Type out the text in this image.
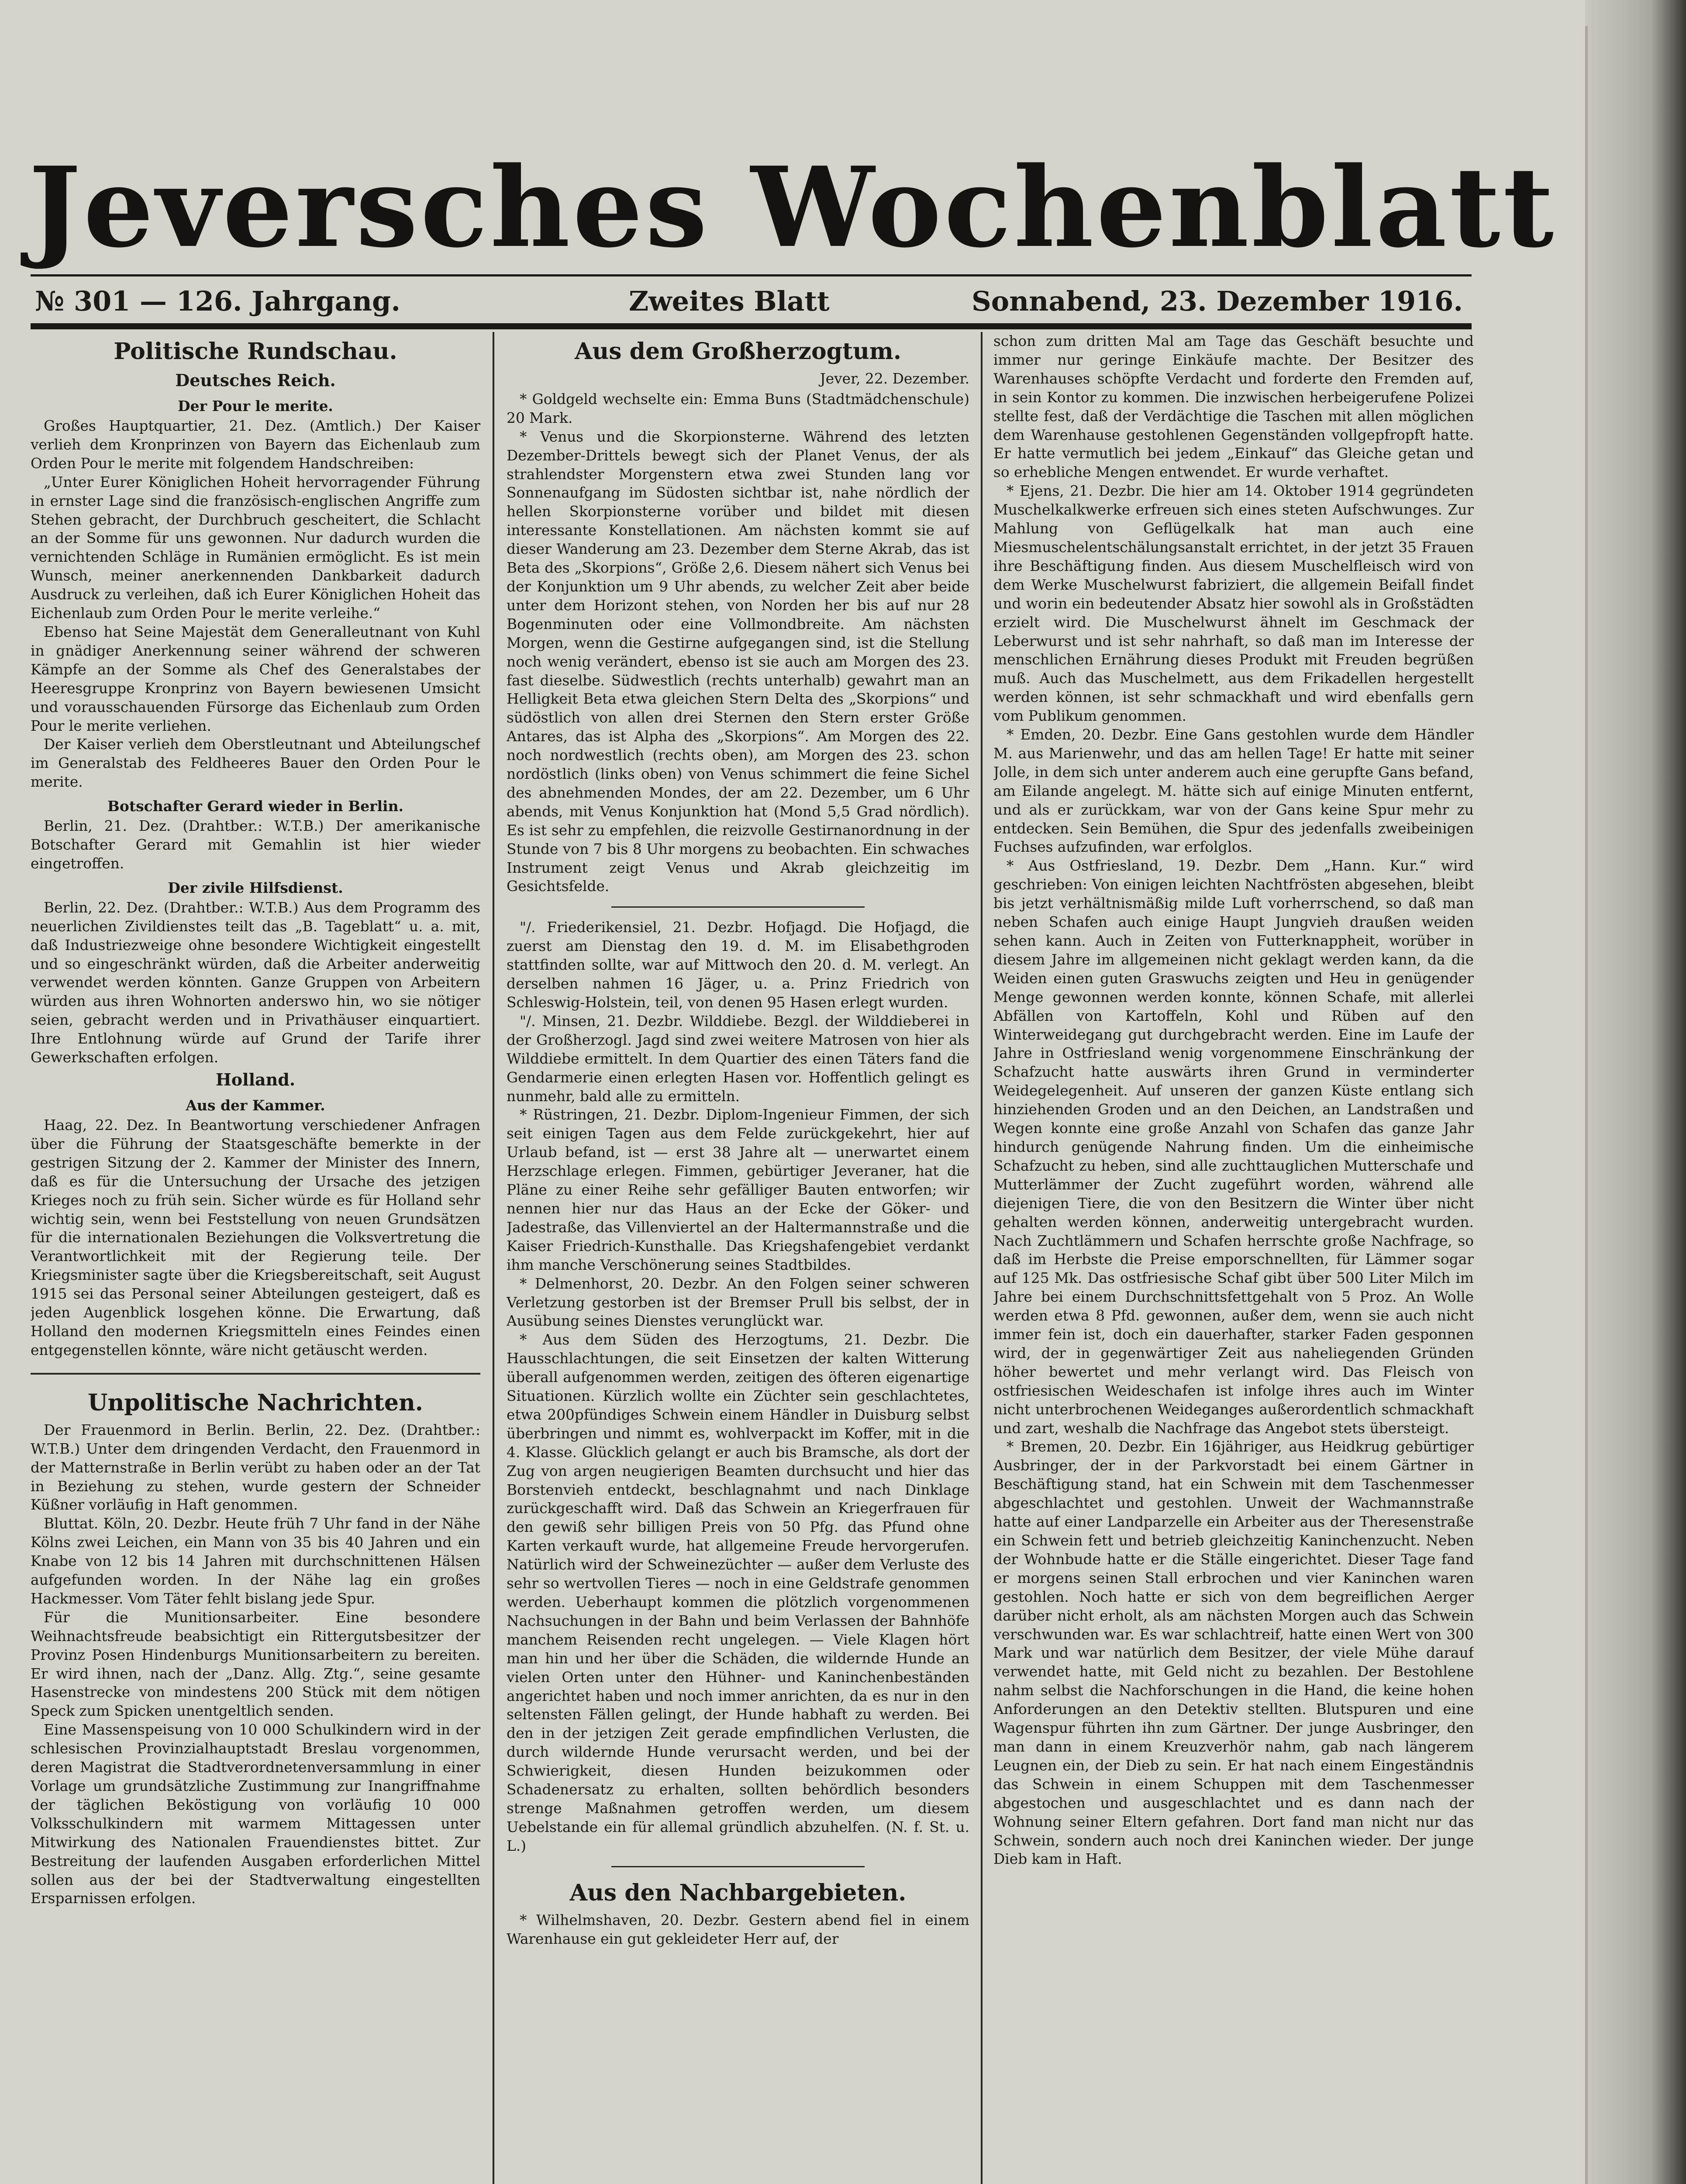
Jeversches Wochenblatt
№ 301 — 126. Jahrgang.	Zweites Blatt	Sonnabend, 23. Dezember 1916.
Politische Rundschau.
Deutsches Reich.
Der Pour le merite.

Großes Hauptquartier, 21. Dez. (Amtlich.) Der Kaiser verlieh dem Kronprinzen von Bayern das Eichenlaub zum Orden Pour le merite mit folgendem Handschreiben:

„Unter Eurer Königlichen Hoheit hervorragender Führung in ernster Lage sind die französisch-englischen Angriffe zum Stehen gebracht, der Durchbruch gescheitert, die Schlacht an der Somme für uns gewonnen. Nur dadurch wurden die vernichtenden Schläge in Rumänien ermöglicht. Es ist mein Wunsch, meiner anerkennenden Dankbarkeit dadurch Ausdruck zu verleihen, daß ich Eurer Königlichen Hoheit das Eichenlaub zum Orden Pour le merite verleihe.“

Ebenso hat Seine Majestät dem Generalleutnant von Kuhl in gnädiger Anerkennung seiner während der schweren Kämpfe an der Somme als Chef des Generalstabes der Heeresgruppe Kronprinz von Bayern bewiesenen Umsicht und vorausschauenden Fürsorge das Eichenlaub zum Orden Pour le merite verliehen.

Der Kaiser verlieh dem Oberstleutnant und Abteilungschef im Generalstab des Feldheeres Bauer den Orden Pour le merite.

Botschafter Gerard wieder in Berlin.

Berlin, 21. Dez. (Drahtber.: W.T.B.) Der amerikanische Botschafter Gerard mit Gemahlin ist hier wieder eingetroffen.

Der zivile Hilfsdienst.

Berlin, 22. Dez. (Drahtber.: W.T.B.) Aus dem Programm des neuerlichen Zivildienstes teilt das „B. Tageblatt“ u. a. mit, daß Industriezweige ohne besondere Wichtigkeit eingestellt und so eingeschränkt würden, daß die Arbeiter anderweitig verwendet werden könnten. Ganze Gruppen von Arbeitern würden aus ihren Wohnorten anderswo hin, wo sie nötiger seien, gebracht werden und in Privathäuser einquartiert. Ihre Entlohnung würde auf Grund der Tarife ihrer Gewerkschaften erfolgen.

Holland.
Aus der Kammer.

Haag, 22. Dez. In Beantwortung verschiedener Anfragen über die Führung der Staatsgeschäfte bemerkte in der gestrigen Sitzung der 2. Kammer der Minister des Innern, daß es für die Untersuchung der Ursache des jetzigen Krieges noch zu früh sein. Sicher würde es für Holland sehr wichtig sein, wenn bei Feststellung von neuen Grundsätzen für die internationalen Beziehungen die Volksvertretung die Verantwortlichkeit mit der Regierung teile. Der Kriegsminister sagte über die Kriegsbereitschaft, seit August 1915 sei das Personal seiner Abteilungen gesteigert, daß es jeden Augenblick losgehen könne. Die Erwartung, daß Holland den modernen Kriegsmitteln eines Feindes einen entgegenstellen könnte, wäre nicht getäuscht werden.

Unpolitische Nachrichten.

Der Frauenmord in Berlin. Berlin, 22. Dez. (Drahtber.: W.T.B.) Unter dem dringenden Verdacht, den Frauenmord in der Matternstraße in Berlin verübt zu haben oder an der Tat in Beziehung zu stehen, wurde gestern der Schneider Küßner vorläufig in Haft genommen.

Bluttat. Köln, 20. Dezbr. Heute früh 7 Uhr fand in der Nähe Kölns zwei Leichen, ein Mann von 35 bis 40 Jahren und ein Knabe von 12 bis 14 Jahren mit durchschnittenen Hälsen aufgefunden worden. In der Nähe lag ein großes Hackmesser. Vom Täter fehlt bislang jede Spur.

Für die Munitionsarbeiter. Eine besondere Weihnachtsfreude beabsichtigt ein Rittergutsbesitzer der Provinz Posen Hindenburgs Munitionsarbeitern zu bereiten. Er wird ihnen, nach der „Danz. Allg. Ztg.“, seine gesamte Hasenstrecke von mindestens 200 Stück mit dem nötigen Speck zum Spicken unentgeltlich senden.

Eine Massenspeisung von 10 000 Schulkindern wird in der schlesischen Provinzialhauptstadt Breslau vorgenommen, deren Magistrat die Stadtverordnetenversammlung in einer Vorlage um grundsätzliche Zustimmung zur Inangriffnahme der täglichen Beköstigung von vorläufig 10 000 Volksschulkindern mit warmem Mittagessen unter Mitwirkung des Nationalen Frauendienstes bittet. Zur Bestreitung der laufenden Ausgaben erforderlichen Mittel sollen aus der bei der Stadtverwaltung eingestellten Ersparnissen erfolgen.

Aus dem Großherzogtum.
Jever, 22. Dezember.

* Goldgeld wechselte ein: Emma Buns (Stadtmädchenschule) 20 Mark.

* Venus und die Skorpionsterne. Während des letzten Dezember-Drittels bewegt sich der Planet Venus, der als strahlendster Morgenstern etwa zwei Stunden lang vor Sonnenaufgang im Südosten sichtbar ist, nahe nördlich der hellen Skorpionsterne vorüber und bildet mit diesen interessante Konstellationen. Am nächsten kommt sie auf dieser Wanderung am 23. Dezember dem Sterne Akrab, das ist Beta des „Skorpions“, Größe 2,6. Diesem nähert sich Venus bei der Konjunktion um 9 Uhr abends, zu welcher Zeit aber beide unter dem Horizont stehen, von Norden her bis auf nur 28 Bogenminuten oder eine Vollmondbreite. Am nächsten Morgen, wenn die Gestirne aufgegangen sind, ist die Stellung noch wenig verändert, ebenso ist sie auch am Morgen des 23. fast dieselbe. Südwestlich (rechts unterhalb) gewahrt man an Helligkeit Beta etwa gleichen Stern Delta des „Skorpions“ und südöstlich von allen drei Sternen den Stern erster Größe Antares, das ist Alpha des „Skorpions“. Am Morgen des 22. noch nordwestlich (rechts oben), am Morgen des 23. schon nordöstlich (links oben) von Venus schimmert die feine Sichel des abnehmenden Mondes, der am 22. Dezember, um 6 Uhr abends, mit Venus Konjunktion hat (Mond 5,5 Grad nördlich). Es ist sehr zu empfehlen, die reizvolle Gestirnanordnung in der Stunde von 7 bis 8 Uhr morgens zu beobachten. Ein schwaches Instrument zeigt Venus und Akrab gleichzeitig im Gesichtsfelde.

"/. Friederikensiel, 21. Dezbr. Hofjagd. Die Hofjagd, die zuerst am Dienstag den 19. d. M. im Elisabethgroden stattfinden sollte, war auf Mittwoch den 20. d. M. verlegt. An derselben nahmen 16 Jäger, u. a. Prinz Friedrich von Schleswig-Holstein, teil, von denen 95 Hasen erlegt wurden.

"/. Minsen, 21. Dezbr. Wilddiebe. Bezgl. der Wilddieberei in der Großherzogl. Jagd sind zwei weitere Matrosen von hier als Wilddiebe ermittelt. In dem Quartier des einen Täters fand die Gendarmerie einen erlegten Hasen vor. Hoffentlich gelingt es nunmehr, bald alle zu ermitteln.

* Rüstringen, 21. Dezbr. Diplom-Ingenieur Fimmen, der sich seit einigen Tagen aus dem Felde zurückgekehrt, hier auf Urlaub befand, ist — erst 38 Jahre alt — unerwartet einem Herzschlage erlegen. Fimmen, gebürtiger Jeveraner, hat die Pläne zu einer Reihe sehr gefälliger Bauten entworfen; wir nennen hier nur das Haus an der Ecke der Göker- und Jadestraße, das Villenviertel an der Haltermannstraße und die Kaiser Friedrich-Kunsthalle. Das Kriegshafengebiet verdankt ihm manche Verschönerung seines Stadtbildes.

* Delmenhorst, 20. Dezbr. An den Folgen seiner schweren Verletzung gestorben ist der Bremser Prull bis selbst, der in Ausübung seines Dienstes verunglückt war.

* Aus dem Süden des Herzogtums, 21. Dezbr. Die Hausschlachtungen, die seit Einsetzen der kalten Witterung überall aufgenommen werden, zeitigen des öfteren eigenartige Situationen. Kürzlich wollte ein Züchter sein geschlachtetes, etwa 200pfündiges Schwein einem Händler in Duisburg selbst überbringen und nimmt es, wohlverpackt im Koffer, mit in die 4. Klasse. Glücklich gelangt er auch bis Bramsche, als dort der Zug von argen neugierigen Beamten durchsucht und hier das Borstenvieh entdeckt, beschlagnahmt und nach Dinklage zurückgeschafft wird. Daß das Schwein an Kriegerfrauen für den gewiß sehr billigen Preis von 50 Pfg. das Pfund ohne Karten verkauft wurde, hat allgemeine Freude hervorgerufen. Natürlich wird der Schweinezüchter — außer dem Verluste des sehr so wertvollen Tieres — noch in eine Geldstrafe genommen werden. Ueberhaupt kommen die plötzlich vorgenommenen Nachsuchungen in der Bahn und beim Verlassen der Bahnhöfe manchem Reisenden recht ungelegen. — Viele Klagen hört man hin und her über die Schäden, die wildernde Hunde an vielen Orten unter den Hühner- und Kaninchenbeständen angerichtet haben und noch immer anrichten, da es nur in den seltensten Fällen gelingt, der Hunde habhaft zu werden. Bei den in der jetzigen Zeit gerade empfindlichen Verlusten, die durch wildernde Hunde verursacht werden, und bei der Schwierigkeit, diesen Hunden beizukommen oder Schadenersatz zu erhalten, sollten behördlich besonders strenge Maßnahmen getroffen werden, um diesem Uebelstande ein für allemal gründlich abzuhelfen. (N. f. St. u. L.)

Aus den Nachbargebieten.

* Wilhelmshaven, 20. Dezbr. Gestern abend fiel in einem Warenhause ein gut gekleideter Herr auf, der

schon zum dritten Mal am Tage das Geschäft besuchte und immer nur geringe Einkäufe machte. Der Besitzer des Warenhauses schöpfte Verdacht und forderte den Fremden auf, in sein Kontor zu kommen. Die inzwischen herbeigerufene Polizei stellte fest, daß der Verdächtige die Taschen mit allen möglichen dem Warenhause gestohlenen Gegenständen vollgepfropft hatte. Er hatte vermutlich bei jedem „Einkauf“ das Gleiche getan und so erhebliche Mengen entwendet. Er wurde verhaftet.

* Ejens, 21. Dezbr. Die hier am 14. Oktober 1914 gegründeten Muschelkalkwerke erfreuen sich eines steten Aufschwunges. Zur Mahlung von Geflügelkalk hat man auch eine Miesmuschelentschälungsanstalt errichtet, in der jetzt 35 Frauen ihre Beschäftigung finden. Aus diesem Muschelfleisch wird von dem Werke Muschelwurst fabriziert, die allgemein Beifall findet und worin ein bedeutender Absatz hier sowohl als in Großstädten erzielt wird. Die Muschelwurst ähnelt im Geschmack der Leberwurst und ist sehr nahrhaft, so daß man im Interesse der menschlichen Ernährung dieses Produkt mit Freuden begrüßen muß. Auch das Muschelmett, aus dem Frikadellen hergestellt werden können, ist sehr schmackhaft und wird ebenfalls gern vom Publikum genommen.

* Emden, 20. Dezbr. Eine Gans gestohlen wurde dem Händler M. aus Marienwehr, und das am hellen Tage! Er hatte mit seiner Jolle, in dem sich unter anderem auch eine gerupfte Gans befand, am Eilande angelegt. M. hätte sich auf einige Minuten entfernt, und als er zurückkam, war von der Gans keine Spur mehr zu entdecken. Sein Bemühen, die Spur des jedenfalls zweibeinigen Fuchses aufzufinden, war erfolglos.

* Aus Ostfriesland, 19. Dezbr. Dem „Hann. Kur.“ wird geschrieben: Von einigen leichten Nachtfrösten abgesehen, bleibt bis jetzt verhältnismäßig milde Luft vorherrschend, so daß man neben Schafen auch einige Haupt Jungvieh draußen weiden sehen kann. Auch in Zeiten von Futterknappheit, worüber in diesem Jahre im allgemeinen nicht geklagt werden kann, da die Weiden einen guten Graswuchs zeigten und Heu in genügender Menge gewonnen werden konnte, können Schafe, mit allerlei Abfällen von Kartoffeln, Kohl und Rüben auf den Winterweidegang gut durchgebracht werden. Eine im Laufe der Jahre in Ostfriesland wenig vorgenommene Einschränkung der Schafzucht hatte auswärts ihren Grund in verminderter Weidegelegenheit. Auf unseren der ganzen Küste entlang sich hinziehenden Groden und an den Deichen, an Landstraßen und Wegen konnte eine große Anzahl von Schafen das ganze Jahr hindurch genügende Nahrung finden. Um die einheimische Schafzucht zu heben, sind alle zuchttauglichen Mutterschafe und Mutterlämmer der Zucht zugeführt worden, während alle diejenigen Tiere, die von den Besitzern die Winter über nicht gehalten werden können, anderweitig untergebracht wurden. Nach Zuchtlämmern und Schafen herrschte große Nachfrage, so daß im Herbste die Preise emporschnellten, für Lämmer sogar auf 125 Mk. Das ostfriesische Schaf gibt über 500 Liter Milch im Jahre bei einem Durchschnittsfettgehalt von 5 Proz. An Wolle werden etwa 8 Pfd. gewonnen, außer dem, wenn sie auch nicht immer fein ist, doch ein dauerhafter, starker Faden gesponnen wird, der in gegenwärtiger Zeit aus naheliegenden Gründen höher bewertet und mehr verlangt wird. Das Fleisch von ostfriesischen Weideschafen ist infolge ihres auch im Winter nicht unterbrochenen Weideganges außerordentlich schmackhaft und zart, weshalb die Nachfrage das Angebot stets übersteigt.

* Bremen, 20. Dezbr. Ein 16jähriger, aus Heidkrug gebürtiger Ausbringer, der in der Parkvorstadt bei einem Gärtner in Beschäftigung stand, hat ein Schwein mit dem Taschenmesser abgeschlachtet und gestohlen. Unweit der Wachmannstraße hatte auf einer Landparzelle ein Arbeiter aus der Theresenstraße ein Schwein fett und betrieb gleichzeitig Kaninchenzucht. Neben der Wohnbude hatte er die Ställe eingerichtet. Dieser Tage fand er morgens seinen Stall erbrochen und vier Kaninchen waren gestohlen. Noch hatte er sich von dem begreiflichen Aerger darüber nicht erholt, als am nächsten Morgen auch das Schwein verschwunden war. Es war schlachtreif, hatte einen Wert von 300 Mark und war natürlich dem Besitzer, der viele Mühe darauf verwendet hatte, mit Geld nicht zu bezahlen. Der Bestohlene nahm selbst die Nachforschungen in die Hand, die keine hohen Anforderungen an den Detektiv stellten. Blutspuren und eine Wagenspur führten ihn zum Gärtner. Der junge Ausbringer, den man dann in einem Kreuzverhör nahm, gab nach längerem Leugnen ein, der Dieb zu sein. Er hat nach einem Eingeständnis das Schwein in einem Schuppen mit dem Taschenmesser abgestochen und ausgeschlachtet und es dann nach der Wohnung seiner Eltern gefahren. Dort fand man nicht nur das Schwein, sondern auch noch drei Kaninchen wieder. Der junge Dieb kam in Haft.
